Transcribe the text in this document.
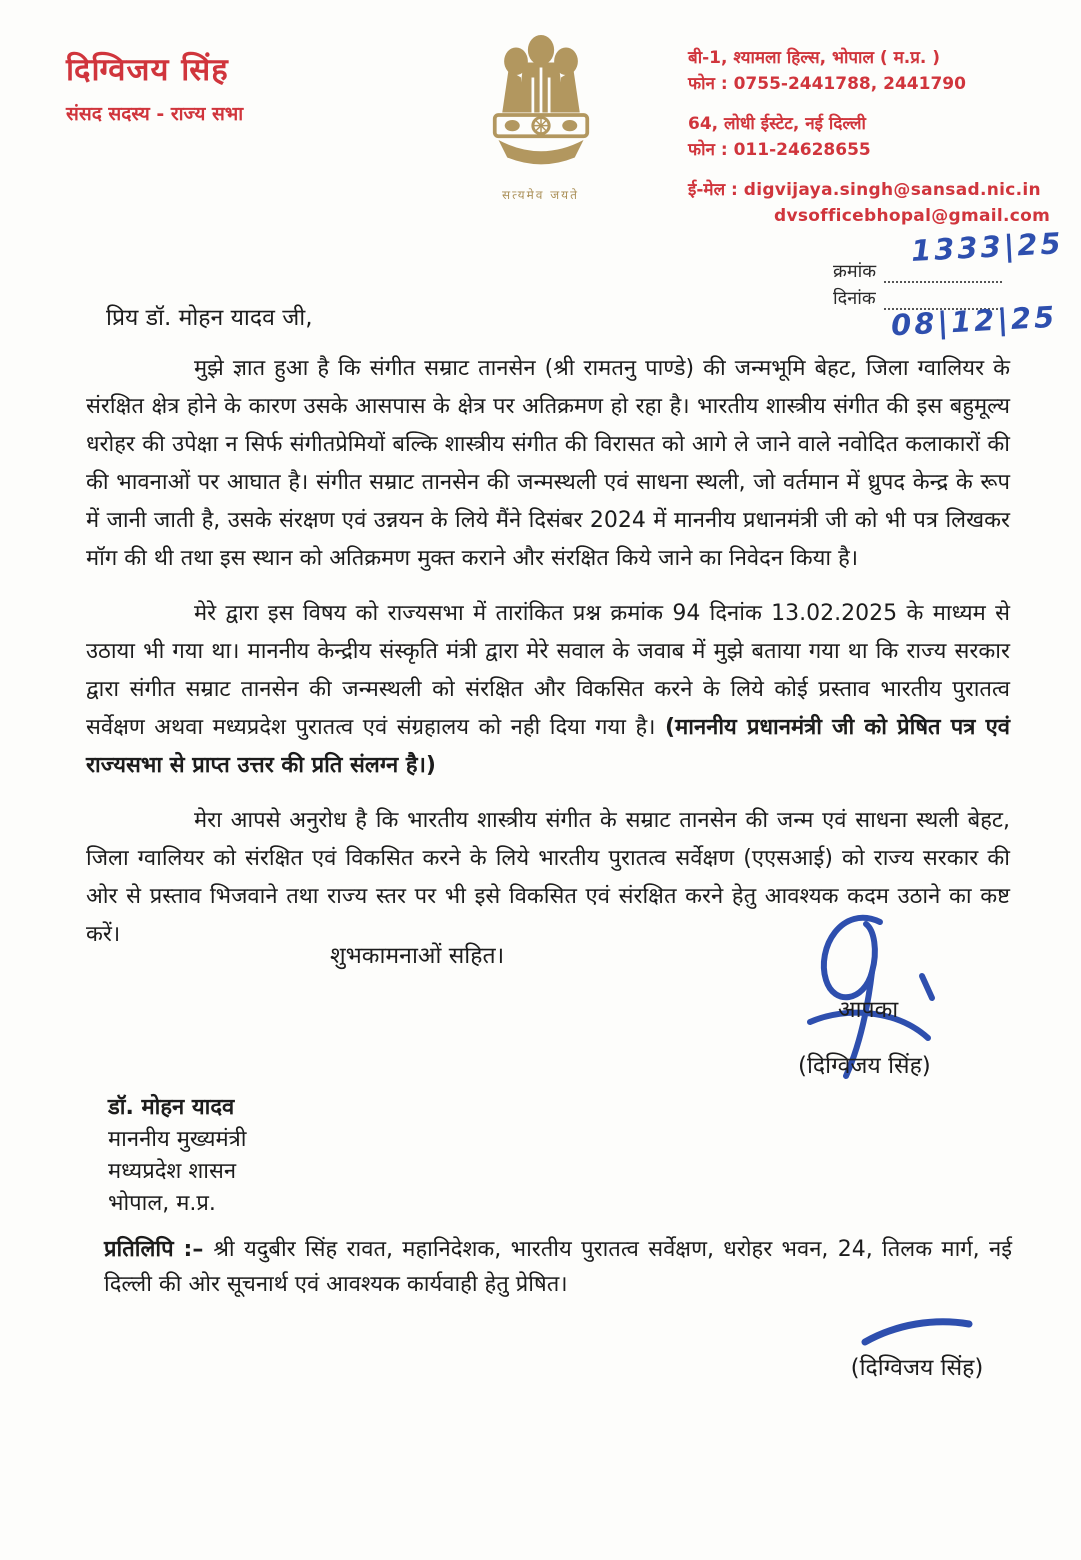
दिग्विजय सिंह
संसद सदस्य - राज्य सभा
सत्यमेव जयते
बी-1, श्यामला हिल्स, भोपाल ( म.प्र. )
फोन : 0755-2441788, 2441790
64, लोधी ईस्टेट, नई दिल्ली
फोन : 011-24628655
ई-मेल : digvijaya.singh@sansad.nic.in
dvsofficebhopal@gmail.com
1333|25
क्रमांक
दिनांक
08|12|25
प्रिय डॉ. मोहन यादव जी,

मुझे ज्ञात हुआ है कि संगीत सम्राट तानसेन (श्री रामतनु पाण्डे) की जन्मभूमि बेहट, जिला ग्वालियर के संरक्षित क्षेत्र होने के कारण उसके आसपास के क्षेत्र पर अतिक्रमण हो रहा है। भारतीय शास्त्रीय संगीत की इस बहुमूल्य धरोहर की उपेक्षा न सिर्फ संगीतप्रेमियों बल्कि शास्त्रीय संगीत की विरासत को आगे ले जाने वाले नवोदित कलाकारों की की भावनाओं पर आघात है। संगीत सम्राट तानसेन की जन्मस्थली एवं साधना स्थली, जो वर्तमान में ध्रुपद केन्द्र के रूप में जानी जाती है, उसके संरक्षण एवं उन्नयन के लिये मैंने दिसंबर 2024 में माननीय प्रधानमंत्री जी को भी पत्र लिखकर मॉग की थी तथा इस स्थान को अतिक्रमण मुक्त कराने और संरक्षित किये जाने का निवेदन किया है।

मेरे द्वारा इस विषय को राज्यसभा में तारांकित प्रश्न क्रमांक 94 दिनांक 13.02.2025 के माध्यम से उठाया भी गया था। माननीय केन्द्रीय संस्कृति मंत्री द्वारा मेरे सवाल के जवाब में मुझे बताया गया था कि राज्य सरकार द्वारा संगीत सम्राट तानसेन की जन्मस्थली को संरक्षित और विकसित करने के लिये कोई प्रस्ताव भारतीय पुरातत्व सर्वेक्षण अथवा मध्यप्रदेश पुरातत्व एवं संग्रहालय को नही दिया गया है। (माननीय प्रधानमंत्री जी को प्रेषित पत्र एवं राज्यसभा से प्राप्त उत्तर की प्रति संलग्न है।)

मेरा आपसे अनुरोध है कि भारतीय शास्त्रीय संगीत के सम्राट तानसेन की जन्म एवं साधना स्थली बेहट, जिला ग्वालियर को संरक्षित एवं विकसित करने के लिये भारतीय पुरातत्व सर्वेक्षण (एएसआई) को राज्य सरकार की ओर से प्रस्ताव भिजवाने तथा राज्य स्तर पर भी इसे विकसित एवं संरक्षित करने हेतु आवश्यक कदम उठाने का कष्ट करें।

शुभकामनाओं सहित।
आपका
(दिग्विजय सिंह)
डॉ. मोहन यादव
माननीय मुख्यमंत्री
मध्यप्रदेश शासन
भोपाल, म.प्र.
प्रतिलिपि :– श्री यदुबीर सिंह रावत, महानिदेशक, भारतीय पुरातत्व सर्वेक्षण, धरोहर भवन, 24, तिलक मार्ग, नई दिल्ली की ओर सूचनार्थ एवं आवश्यक कार्यवाही हेतु प्रेषित।
(दिग्विजय सिंह)
